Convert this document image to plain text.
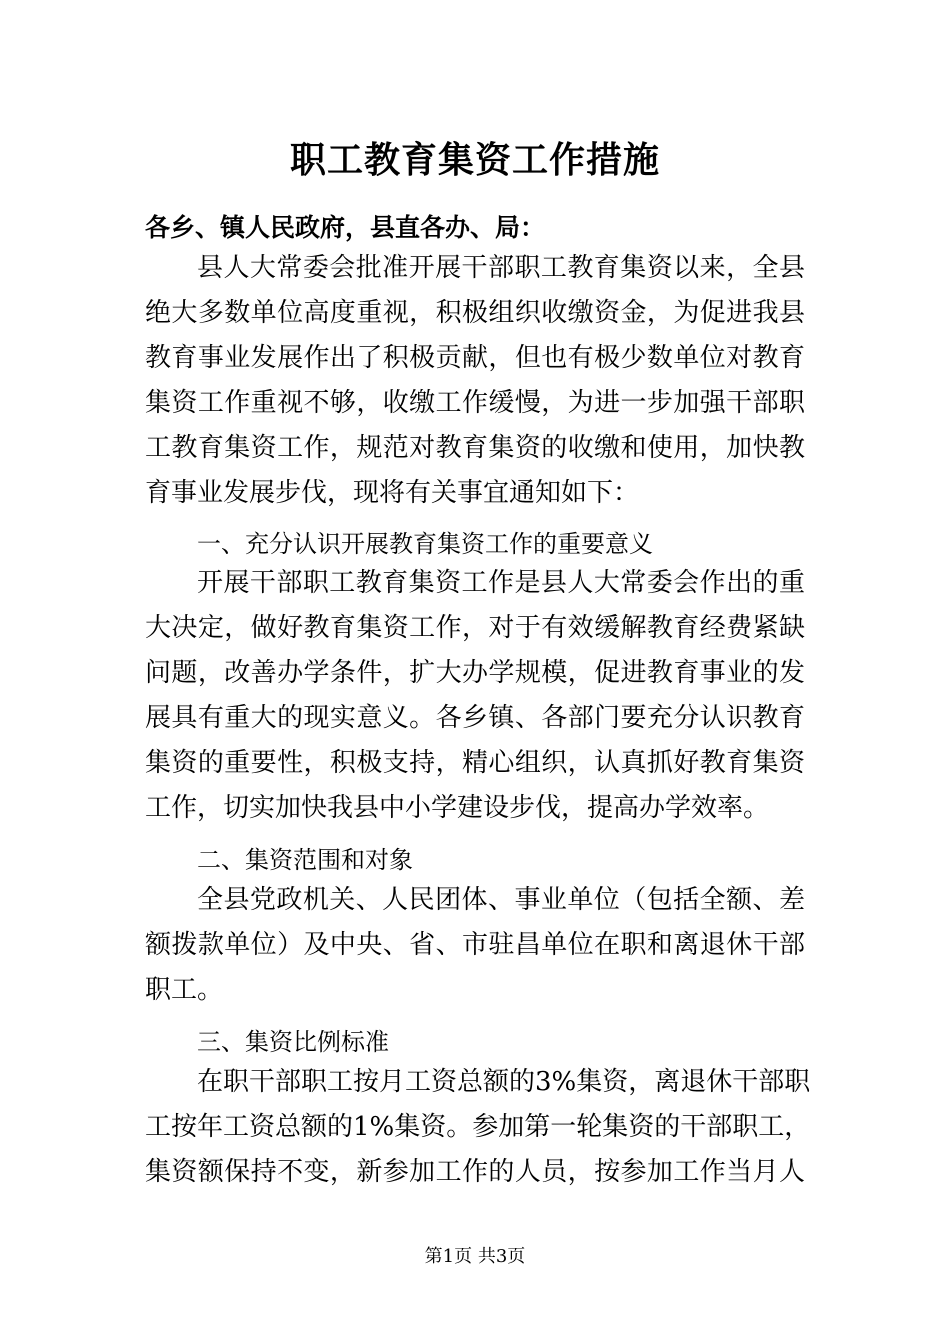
职工教育集资工作措施
各乡、镇人民政府，县直各办、局：
县人大常委会批准开展干部职工教育集资以来，全县
绝大多数单位高度重视，积极组织收缴资金，为促进我县
教育事业发展作出了积极贡献，但也有极少数单位对教育
集资工作重视不够，收缴工作缓慢，为进一步加强干部职
工教育集资工作，规范对教育集资的收缴和使用，加快教
育事业发展步伐，现将有关事宜通知如下：
一、充分认识开展教育集资工作的重要意义
开展干部职工教育集资工作是县人大常委会作出的重
大决定，做好教育集资工作，对于有效缓解教育经费紧缺
问题，改善办学条件，扩大办学规模，促进教育事业的发
展具有重大的现实意义。各乡镇、各部门要充分认识教育
集资的重要性，积极支持，精心组织，认真抓好教育集资
工作，切实加快我县中小学建设步伐，提高办学效率。
二、集资范围和对象
全县党政机关、人民团体、事业单位（包括全额、差
额拨款单位）及中央、省、市驻昌单位在职和离退休干部
职工。
三、集资比例标准
在职干部职工按月工资总额的3%集资，离退休干部职
工按年工资总额的1%集资。参加第一轮集资的干部职工，
集资额保持不变，新参加工作的人员，按参加工作当月人
第1页 共3页
